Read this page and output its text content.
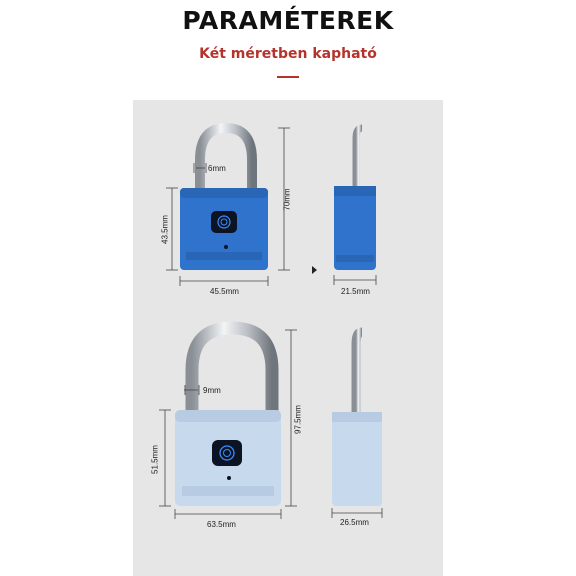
PARAMÉTEREK
Két méretben kapható
6mm
70mm
43.5mm
45.5mm	21.5mm
9mm
97.5mm
51.5mm
63.5mm	26.5mm
